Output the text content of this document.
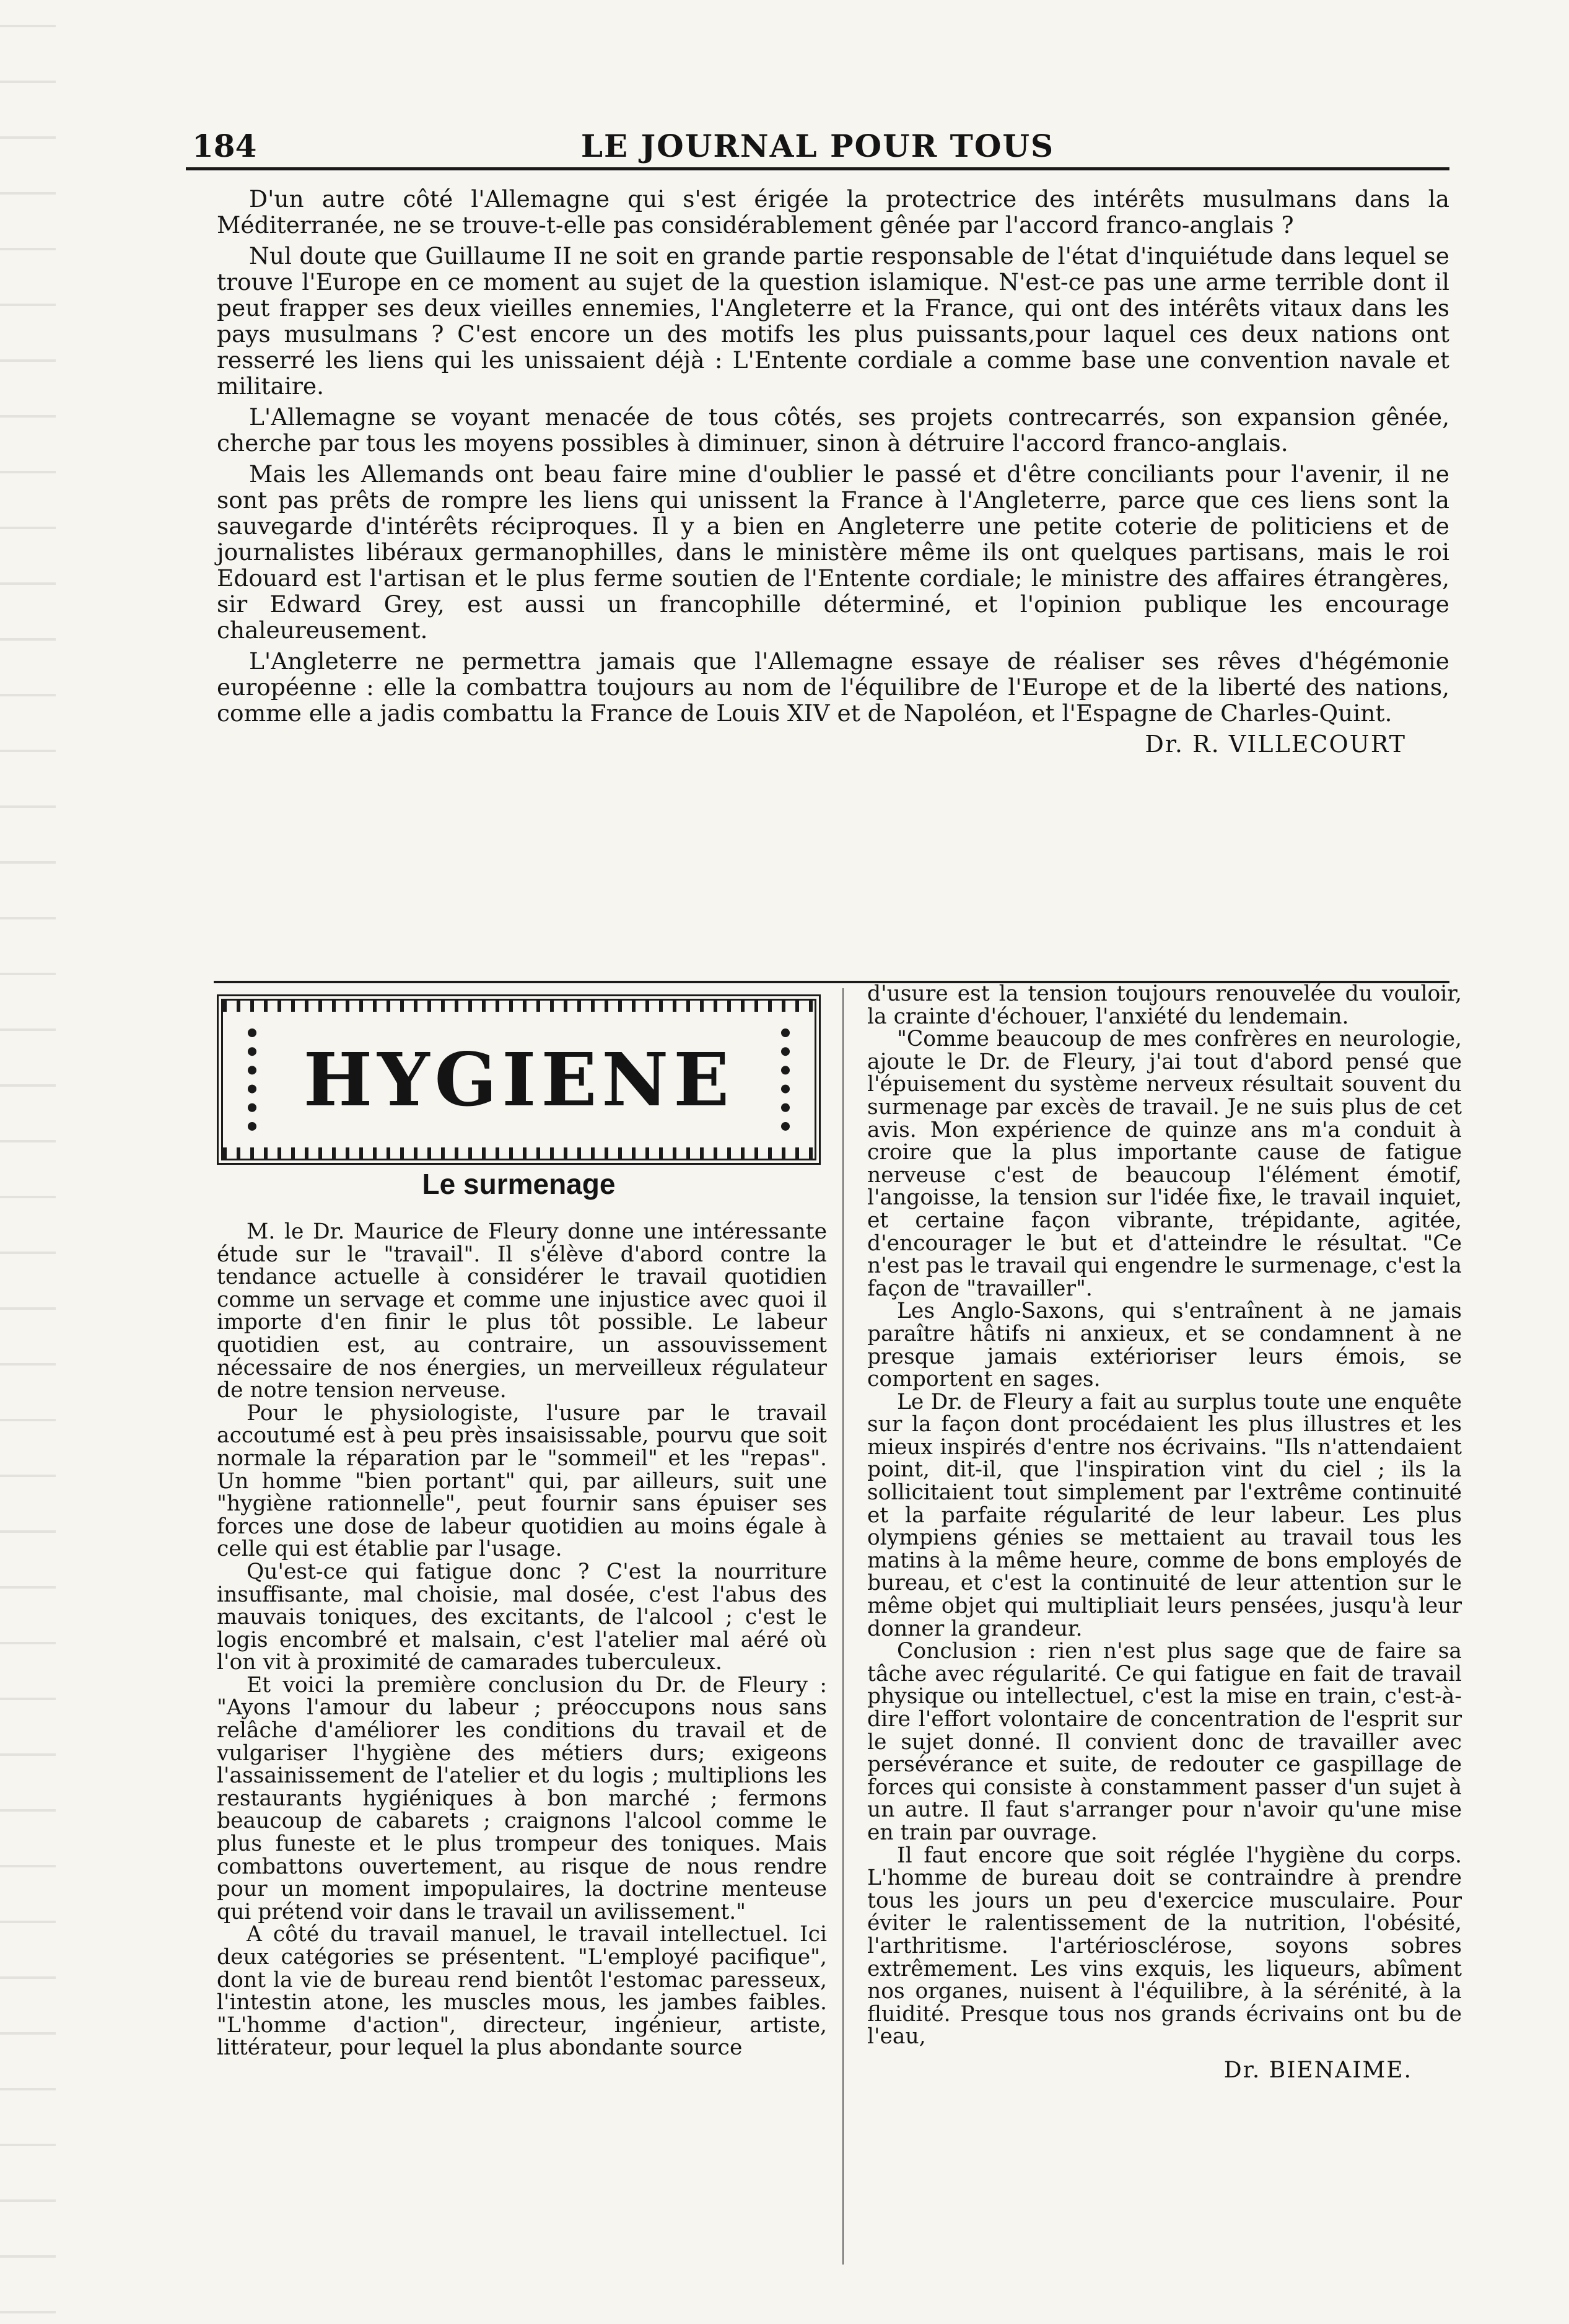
184	LE JOURNAL POUR TOUS

D'un autre côté l'Allemagne qui s'est érigée la protectrice des intérêts musulmans dans la Méditerranée, ne se trouve-t-elle pas considérablement gênée par l'accord franco-anglais ?

Nul doute que Guillaume II ne soit en grande partie responsable de l'état d'inquiétude dans lequel se trouve l'Europe en ce moment au sujet de la question islamique. N'est-ce pas une arme terrible dont il peut frapper ses deux vieilles ennemies, l'Angleterre et la France, qui ont des intérêts vitaux dans les pays musulmans ? C'est encore un des motifs les plus puissants,pour laquel ces deux nations ont resserré les liens qui les unissaient déjà : L'Entente cordiale a comme base une convention navale et militaire.

L'Allemagne se voyant menacée de tous côtés, ses projets contrecarrés, son expansion gênée, cherche par tous les moyens possibles à diminuer, sinon à détruire l'accord franco-anglais.

Mais les Allemands ont beau faire mine d'oublier le passé et d'être conciliants pour l'avenir, il ne sont pas prêts de rompre les liens qui unissent la France à l'Angleterre, parce que ces liens sont la sauvegarde d'intérêts réciproques. Il y a bien en Angleterre une petite coterie de politiciens et de journalistes libéraux germanophilles, dans le ministère même ils ont quelques partisans, mais le roi Edouard est l'artisan et le plus ferme soutien de l'Entente cordiale; le ministre des affaires étrangères, sir Edward Grey, est aussi un francophille déterminé, et l'opinion publique les encourage chaleureusement.

L'Angleterre ne permettra jamais que l'Allemagne essaye de réaliser ses rêves d'hégémonie européenne : elle la combattra toujours au nom de l'équilibre de l'Europe et de la liberté des nations, comme elle a jadis combattu la France de Louis XIV et de Napoléon, et l'Espagne de Charles-Quint.

Dr. R. VILLECOURT
HYGIENE
Le surmenage

M. le Dr. Maurice de Fleury donne une intéressante étude sur le "travail". Il s'élève d'abord contre la tendance actuelle à considérer le travail quotidien comme un servage et comme une injustice avec quoi il importe d'en finir le plus tôt possible. Le labeur quotidien est, au contraire, un assouvissement nécessaire de nos énergies, un merveilleux régulateur de notre tension nerveuse.

Pour le physiologiste, l'usure par le travail accoutumé est à peu près insaisissable, pourvu que soit normale la réparation par le "sommeil" et les "repas". Un homme "bien portant" qui, par ailleurs, suit une "hygiène rationnelle", peut fournir sans épuiser ses forces une dose de labeur quotidien au moins égale à celle qui est établie par l'usage.

Qu'est-ce qui fatigue donc ? C'est la nourriture insuffisante, mal choisie, mal dosée, c'est l'abus des mauvais toniques, des excitants, de l'alcool ; c'est le logis encombré et malsain, c'est l'atelier mal aéré où l'on vit à proximité de camarades tuberculeux.

Et voici la première conclusion du Dr. de Fleury : "Ayons l'amour du labeur ; préoccupons nous sans relâche d'améliorer les conditions du travail et de vulgariser l'hygiène des métiers durs; exigeons l'assainissement de l'atelier et du logis ; multiplions les restaurants hygiéniques à bon marché ; fermons beaucoup de cabarets ; craignons l'alcool comme le plus funeste et le plus trompeur des toniques. Mais combattons ouvertement, au risque de nous rendre pour un moment impopulaires, la doctrine menteuse qui prétend voir dans le travail un avilissement."

A côté du travail manuel, le travail intellectuel. Ici deux catégories se présentent. "L'employé pacifique", dont la vie de bureau rend bientôt l'estomac paresseux, l'intestin atone, les muscles mous, les jambes faibles. "L'homme d'action", directeur, ingénieur, artiste, littérateur, pour lequel la plus abondante source

d'usure est la tension toujours renouvelée du vouloir, la crainte d'échouer, l'anxiété du lendemain.

"Comme beaucoup de mes confrères en neurologie, ajoute le Dr. de Fleury, j'ai tout d'abord pensé que l'épuisement du système nerveux résultait souvent du surmenage par excès de travail. Je ne suis plus de cet avis. Mon expérience de quinze ans m'a conduit à croire que la plus importante cause de fatigue nerveuse c'est de beaucoup l'élément émotif, l'angoisse, la tension sur l'idée fixe, le travail inquiet, et certaine façon vibrante, trépidante, agitée, d'encourager le but et d'atteindre le résultat. "Ce n'est pas le travail qui engendre le surmenage, c'est la façon de "travailler".

Les Anglo-Saxons, qui s'entraînent à ne jamais paraître hâtifs ni anxieux, et se condamnent à ne presque jamais extérioriser leurs émois, se comportent en sages.

Le Dr. de Fleury a fait au surplus toute une enquête sur la façon dont procédaient les plus illustres et les mieux inspirés d'entre nos écrivains. "Ils n'attendaient point, dit-il, que l'inspiration vint du ciel ; ils la sollicitaient tout simplement par l'extrême continuité et la parfaite régularité de leur labeur. Les plus olympiens génies se mettaient au travail tous les matins à la même heure, comme de bons employés de bureau, et c'est la continuité de leur attention sur le même objet qui multipliait leurs pensées, jusqu'à leur donner la grandeur.

Conclusion : rien n'est plus sage que de faire sa tâche avec régularité. Ce qui fatigue en fait de travail physique ou intellectuel, c'est la mise en train, c'est-à-dire l'effort volontaire de concentration de l'esprit sur le sujet donné. Il convient donc de travailler avec persévérance et suite, de redouter ce gaspillage de forces qui consiste à constamment passer d'un sujet à un autre. Il faut s'arranger pour n'avoir qu'une mise en train par ouvrage.

Il faut encore que soit réglée l'hygiène du corps. L'homme de bureau doit se contraindre à prendre tous les jours un peu d'exercice musculaire. Pour éviter le ralentissement de la nutrition, l'obésité, l'arthritisme. l'artériosclérose, soyons sobres extrêmement. Les vins exquis, les liqueurs, abîment nos organes, nuisent à l'équilibre, à la sérénité, à la fluidité. Presque tous nos grands écrivains ont bu de l'eau,

Dr. BIENAIME.
